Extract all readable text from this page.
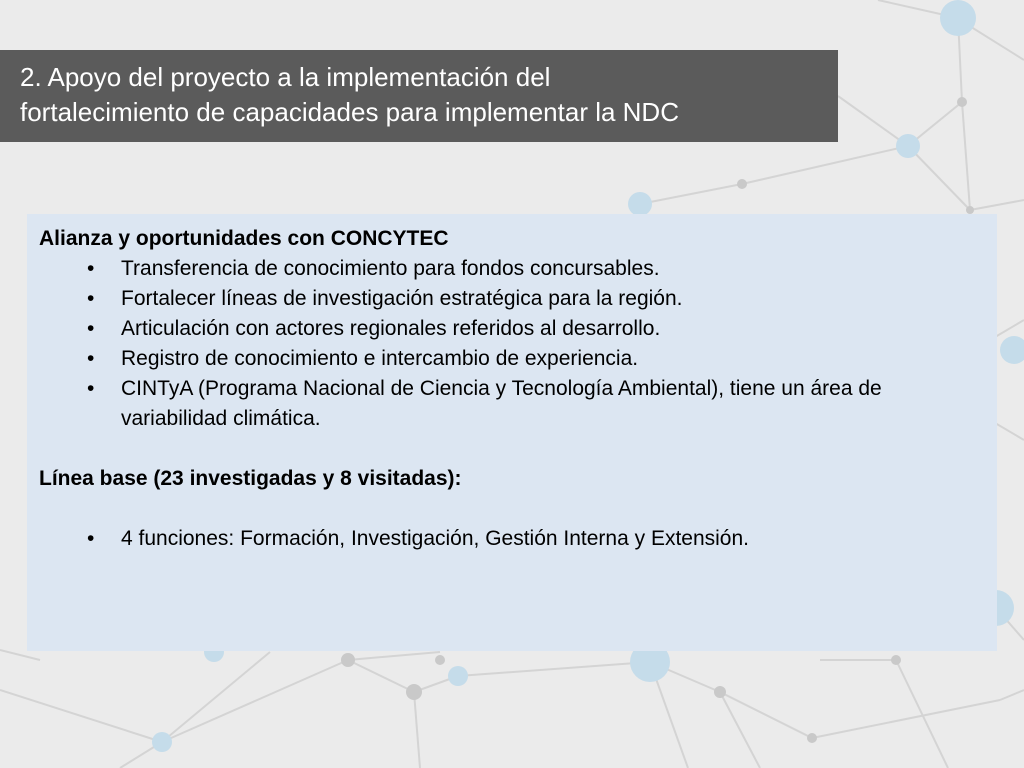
2. Apoyo del proyecto a la implementación del
fortalecimiento de capacidades para implementar la NDC
Alianza y oportunidades con CONCYTEC
• Transferencia de conocimiento para fondos concursables.
• Fortalecer líneas de investigación estratégica para la región.
• Articulación con actores regionales referidos al desarrollo.
• Registro de conocimiento e intercambio de experiencia.
• CINTyA (Programa Nacional de Ciencia y Tecnología Ambiental), tiene un área de variabilidad climática.
Línea base (23 investigadas y 8 visitadas):
• 4 funciones: Formación, Investigación, Gestión Interna y Extensión.
